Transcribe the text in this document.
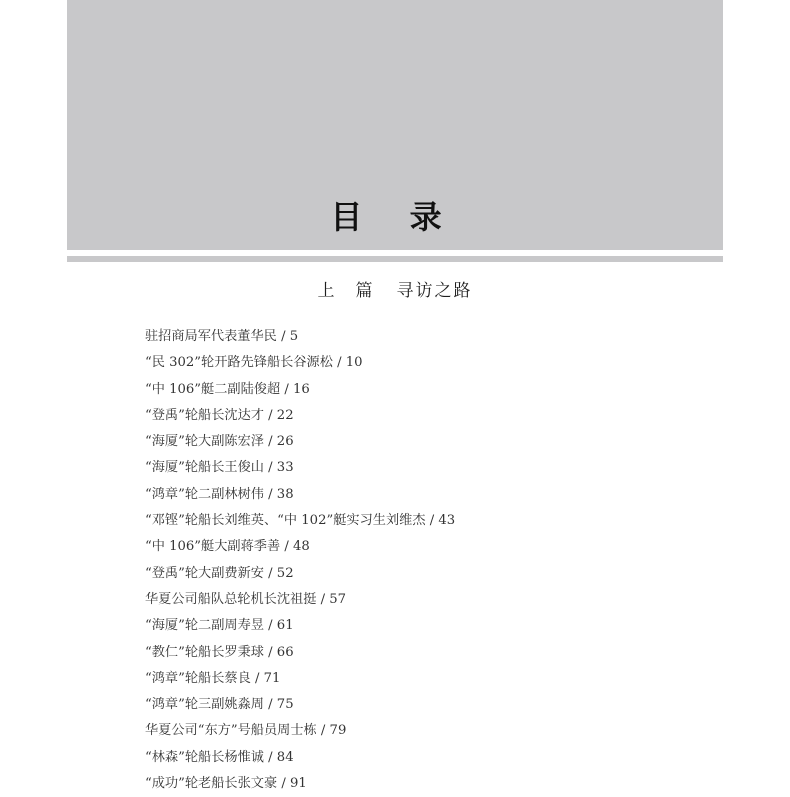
目 录
上　篇 寻访之路
驻招商局军代表董华民 / 5
“民 302”轮开路先锋船长谷源松 / 10
“中 106”艇二副陆俊超 / 16
“登禹”轮船长沈达才 / 22
“海厦”轮大副陈宏泽 / 26
“海厦”轮船长王俊山 / 33
“鸿章”轮二副林树伟 / 38
“邓铿”轮船长刘维英、“中 102”艇实习生刘维杰 / 43
“中 106”艇大副蒋季善 / 48
“登禹”轮大副费新安 / 52
华夏公司船队总轮机长沈祖挺 / 57
“海厦”轮二副周寿昱 / 61
“教仁”轮船长罗秉球 / 66
“鸿章”轮船长蔡良 / 71
“鸿章”轮三副姚淼周 / 75
华夏公司“东方”号船员周士栋 / 79
“林森”轮船长杨惟诚 / 84
“成功”轮老船长张文豪 / 91
